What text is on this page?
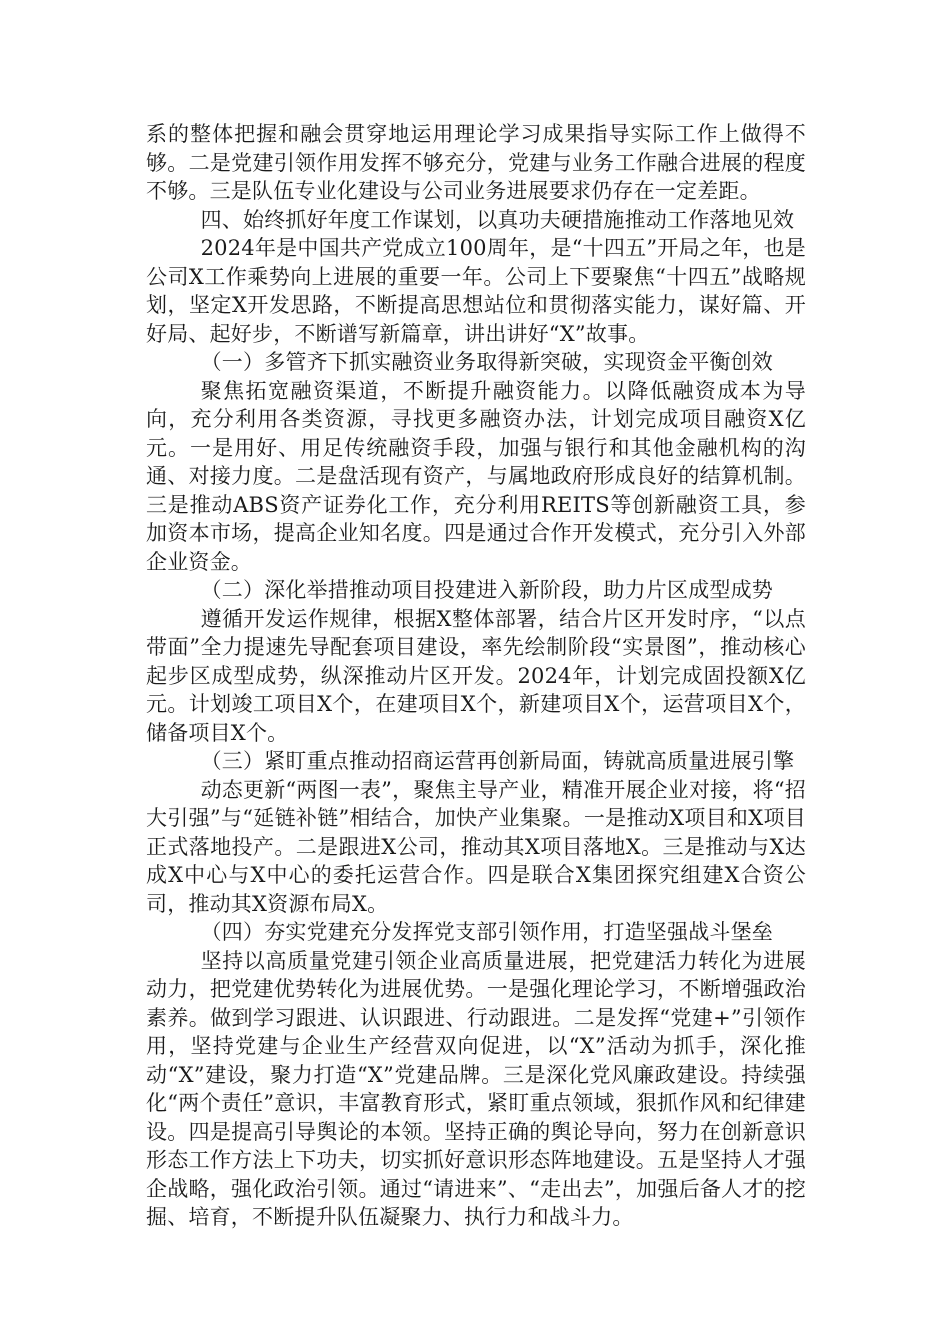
系的整体把握和融会贯穿地运用理论学习成果指导实际工作上做得不够。二是党建引领作用发挥不够充分，党建与业务工作融合进展的程度不够。三是队伍专业化建设与公司业务进展要求仍存在一定差距。

四、始终抓好年度工作谋划，以真功夫硬措施推动工作落地见效

2024年是中国共产党成立100周年，是“十四五”开局之年，也是公司X工作乘势向上进展的重要一年。公司上下要聚焦“十四五”战略规划，坚定X开发思路，不断提高思想站位和贯彻落实能力，谋好篇、开好局、起好步，不断谱写新篇章，讲出讲好“X”故事。

（一）多管齐下抓实融资业务取得新突破，实现资金平衡创效

聚焦拓宽融资渠道，不断提升融资能力。以降低融资成本为导向，充分利用各类资源，寻找更多融资办法，计划完成项目融资X亿元。一是用好、用足传统融资手段，加强与银行和其他金融机构的沟通、对接力度。二是盘活现有资产，与属地政府形成良好的结算机制。三是推动ABS资产证券化工作，充分利用REITS等创新融资工具，参加资本市场，提高企业知名度。四是通过合作开发模式，充分引入外部企业资金。

（二）深化举措推动项目投建进入新阶段，助力片区成型成势

遵循开发运作规律，根据X整体部署，结合片区开发时序，“以点带面”全力提速先导配套项目建设，率先绘制阶段“实景图”，推动核心起步区成型成势，纵深推动片区开发。2024年，计划完成固投额X亿元。计划竣工项目X个，在建项目X个，新建项目X个，运营项目X个，储备项目X个。

（三）紧盯重点推动招商运营再创新局面，铸就高质量进展引擎

动态更新“两图一表”，聚焦主导产业，精准开展企业对接，将“招大引强”与“延链补链”相结合，加快产业集聚。一是推动X项目和X项目正式落地投产。二是跟进X公司，推动其X项目落地X。三是推动与X达成X中心与X中心的委托运营合作。四是联合X集团探究组建X合资公司，推动其X资源布局X。

（四）夯实党建充分发挥党支部引领作用，打造坚强战斗堡垒

坚持以高质量党建引领企业高质量进展，把党建活力转化为进展动力，把党建优势转化为进展优势。一是强化理论学习，不断增强政治素养。做到学习跟进、认识跟进、行动跟进。二是发挥“党建+”引领作用，坚持党建与企业生产经营双向促进，以“X”活动为抓手，深化推动“X”建设，聚力打造“X”党建品牌。三是深化党风廉政建设。持续强化“两个责任”意识，丰富教育形式，紧盯重点领域，狠抓作风和纪律建设。四是提高引导舆论的本领。坚持正确的舆论导向，努力在创新意识形态工作方法上下功夫，切实抓好意识形态阵地建设。五是坚持人才强企战略，强化政治引领。通过“请进来”、“走出去”，加强后备人才的挖掘、培育，不断提升队伍凝聚力、执行力和战斗力。
